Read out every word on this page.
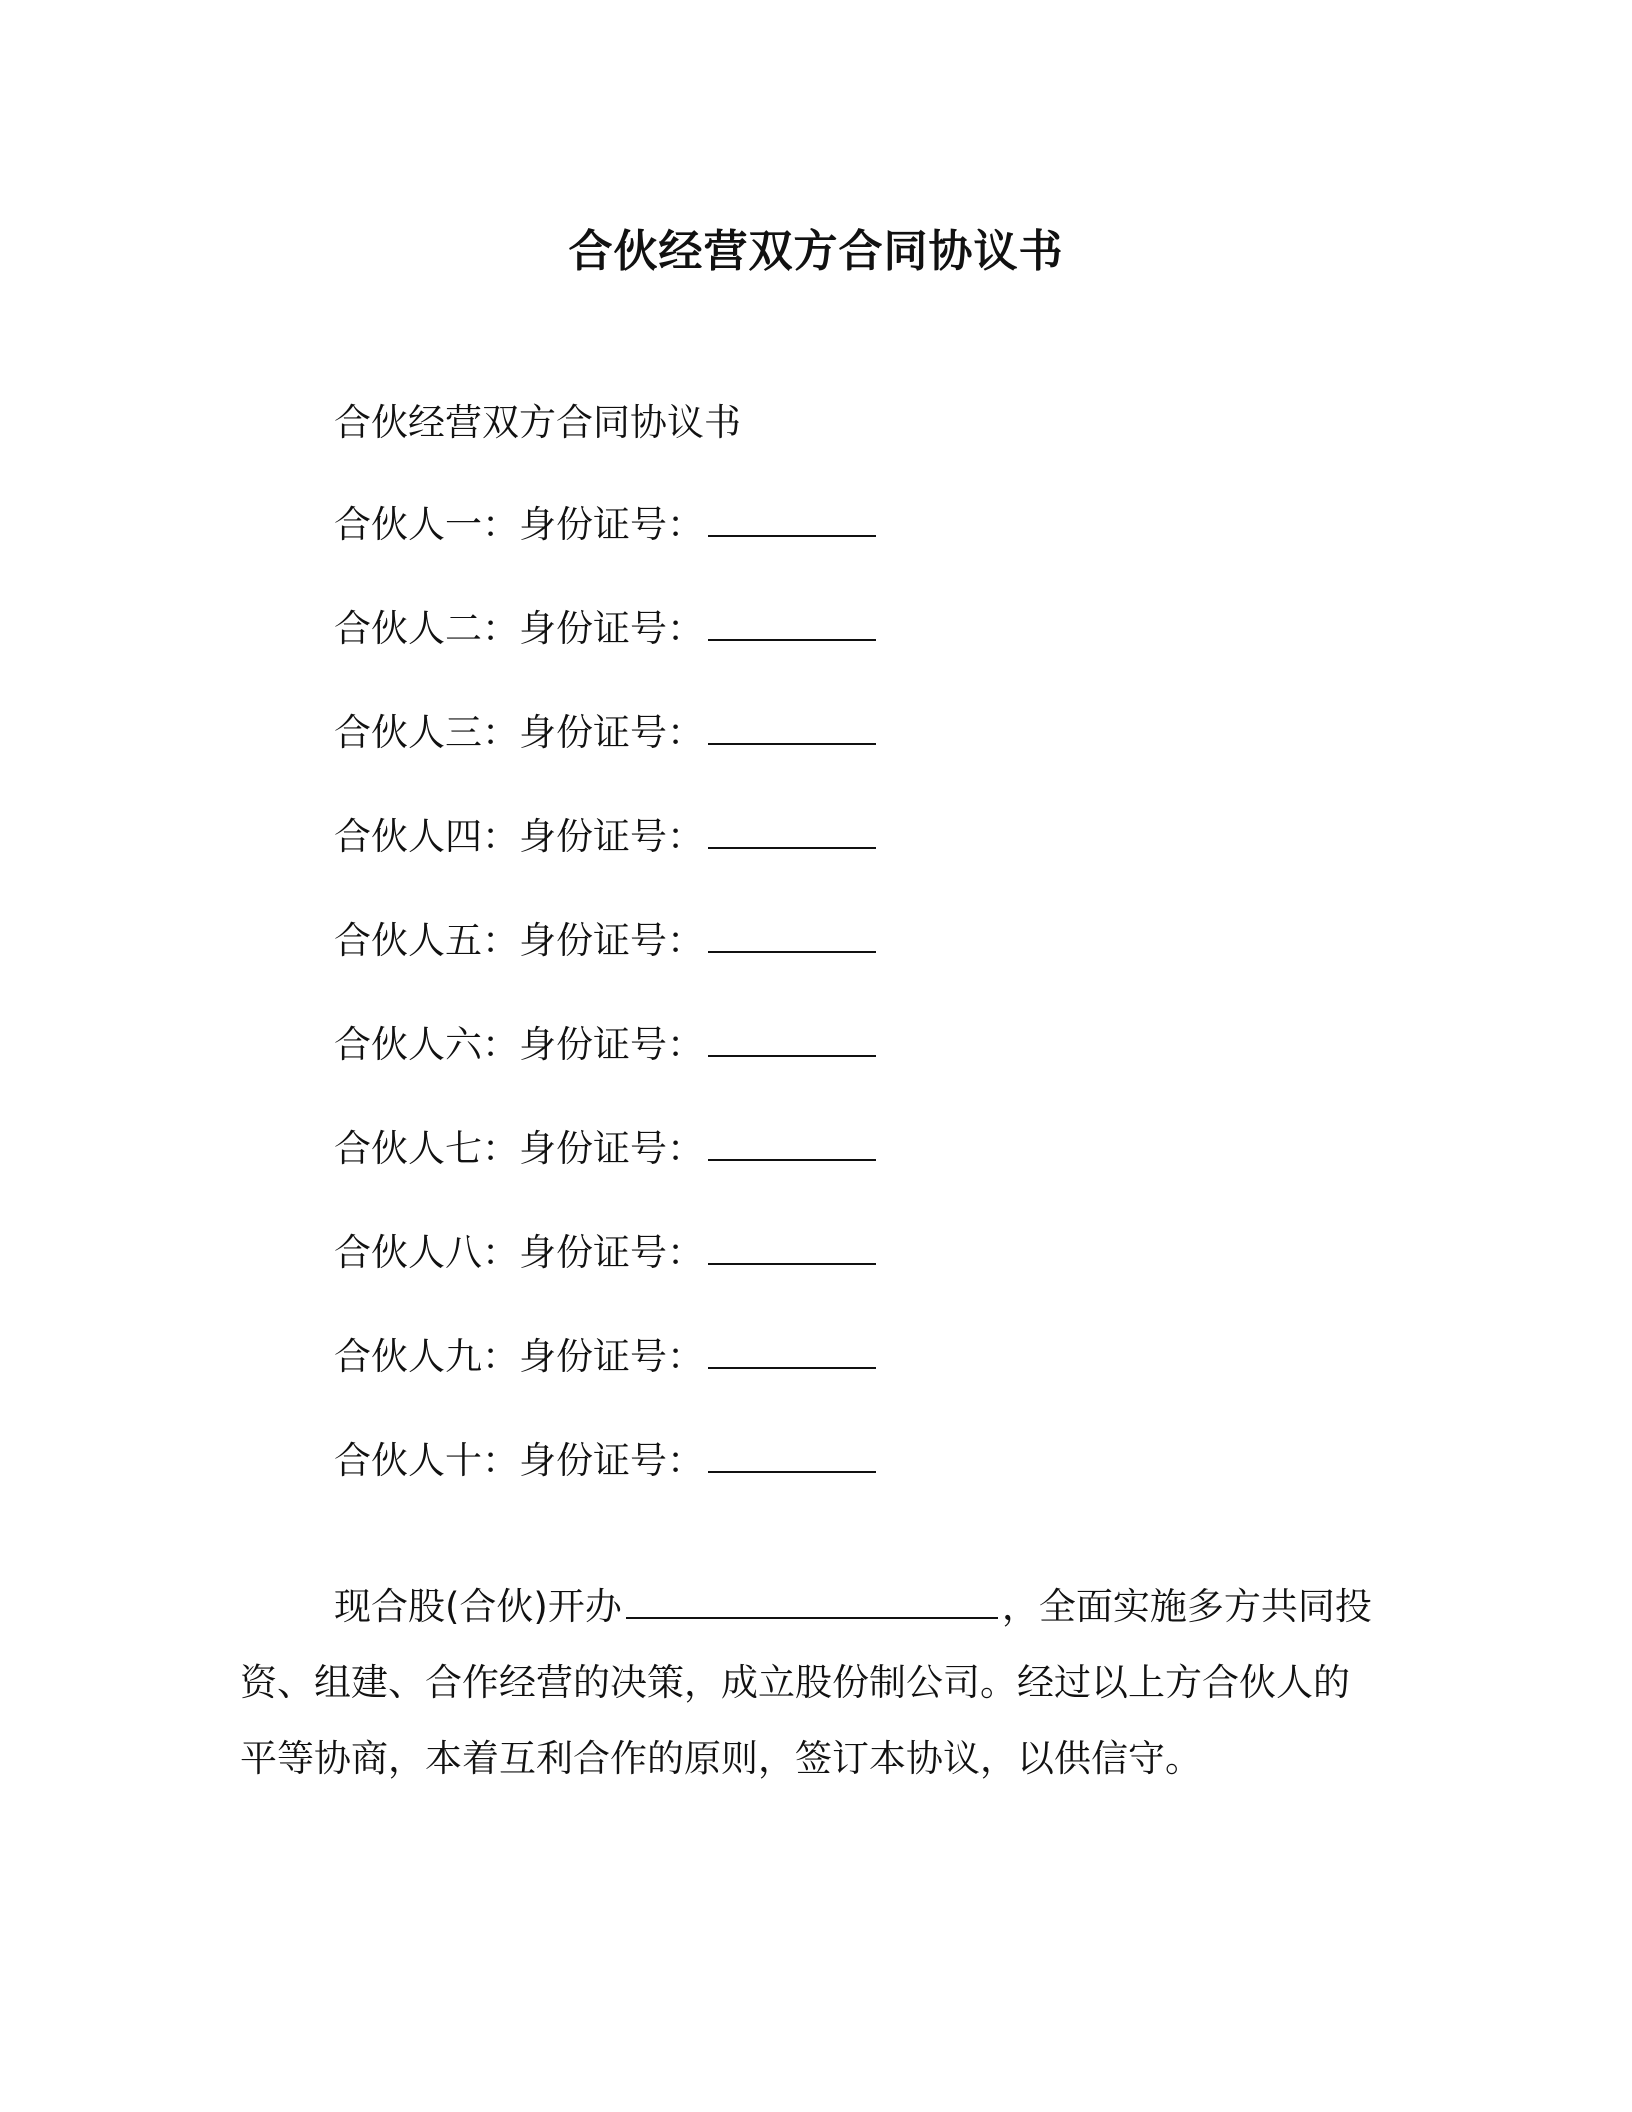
合伙经营双方合同协议书
合伙经营双方合同协议书
合伙人一：身份证号：
合伙人二：身份证号：
合伙人三：身份证号：
合伙人四：身份证号：
合伙人五：身份证号：
合伙人六：身份证号：
合伙人七：身份证号：
合伙人八：身份证号：
合伙人九：身份证号：
合伙人十：身份证号：

现合股(合伙)开办	，全面实施多方共同投资、组建、合作经营的决策，成立股份制公司。经过以上方合伙人的平等协商，本着互利合作的原则，签订本协议，以供信守。
